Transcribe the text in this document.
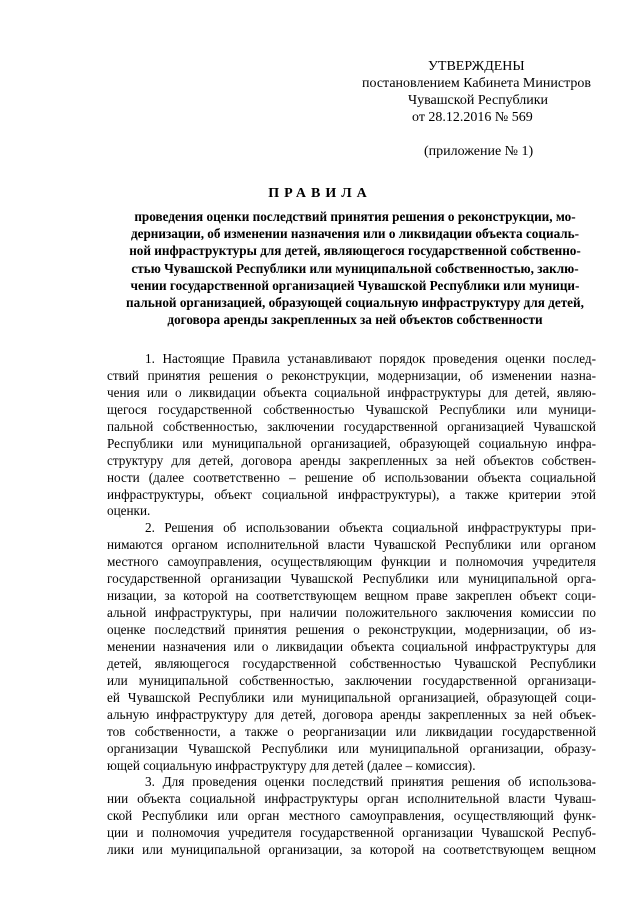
УТВЕРЖДЕНЫ
постановлением Кабинета Министров
Чувашской Республики
от 28.12.2016 № 569
(приложение № 1)
ПРАВИЛА
проведения оценки последствий принятия решения о реконструкции, мо-
дернизации, об изменении назначения или о ликвидации объекта социаль-
ной инфраструктуры для детей, являющегося государственной собственно-
стью Чувашской Республики или муниципальной собственностью, заклю-
чении государственной организацией Чувашской Республики или муници-
пальной организацией, образующей социальную инфраструктуру для детей,
договора аренды закрепленных за ней объектов собственности
1. Настоящие Правила устанавливают порядок проведения оценки послед-
ствий принятия решения о реконструкции, модернизации, об изменении назна-
чения или о ликвидации объекта социальной инфраструктуры для детей, являю-
щегося государственной собственностью Чувашской Республики или муници-
пальной собственностью, заключении государственной организацией Чувашской
Республики или муниципальной организацией, образующей социальную инфра-
структуру для детей, договора аренды закрепленных за ней объектов собствен-
ности (далее соответственно – решение об использовании объекта социальной
инфраструктуры, объект социальной инфраструктуры), а также критерии этой
оценки.
2. Решения об использовании объекта социальной инфраструктуры при-
нимаются органом исполнительной власти Чувашской Республики или органом
местного самоуправления, осуществляющим функции и полномочия учредителя
государственной организации Чувашской Республики или муниципальной орга-
низации, за которой на соответствующем вещном праве закреплен объект соци-
альной инфраструктуры, при наличии положительного заключения комиссии по
оценке последствий принятия решения о реконструкции, модернизации, об из-
менении назначения или о ликвидации объекта социальной инфраструктуры для
детей, являющегося государственной собственностью Чувашской Республики
или муниципальной собственностью, заключении государственной организаци-
ей Чувашской Республики или муниципальной организацией, образующей соци-
альную инфраструктуру для детей, договора аренды закрепленных за ней объек-
тов собственности, а также о реорганизации или ликвидации государственной
организации Чувашской Республики или муниципальной организации, образу-
ющей социальную инфраструктуру для детей (далее – комиссия).
3. Для проведения оценки последствий принятия решения об использова-
нии объекта социальной инфраструктуры орган исполнительной власти Чуваш-
ской Республики или орган местного самоуправления, осуществляющий функ-
ции и полномочия учредителя государственной организации Чувашской Респуб-
лики или муниципальной организации, за которой на соответствующем вещном
